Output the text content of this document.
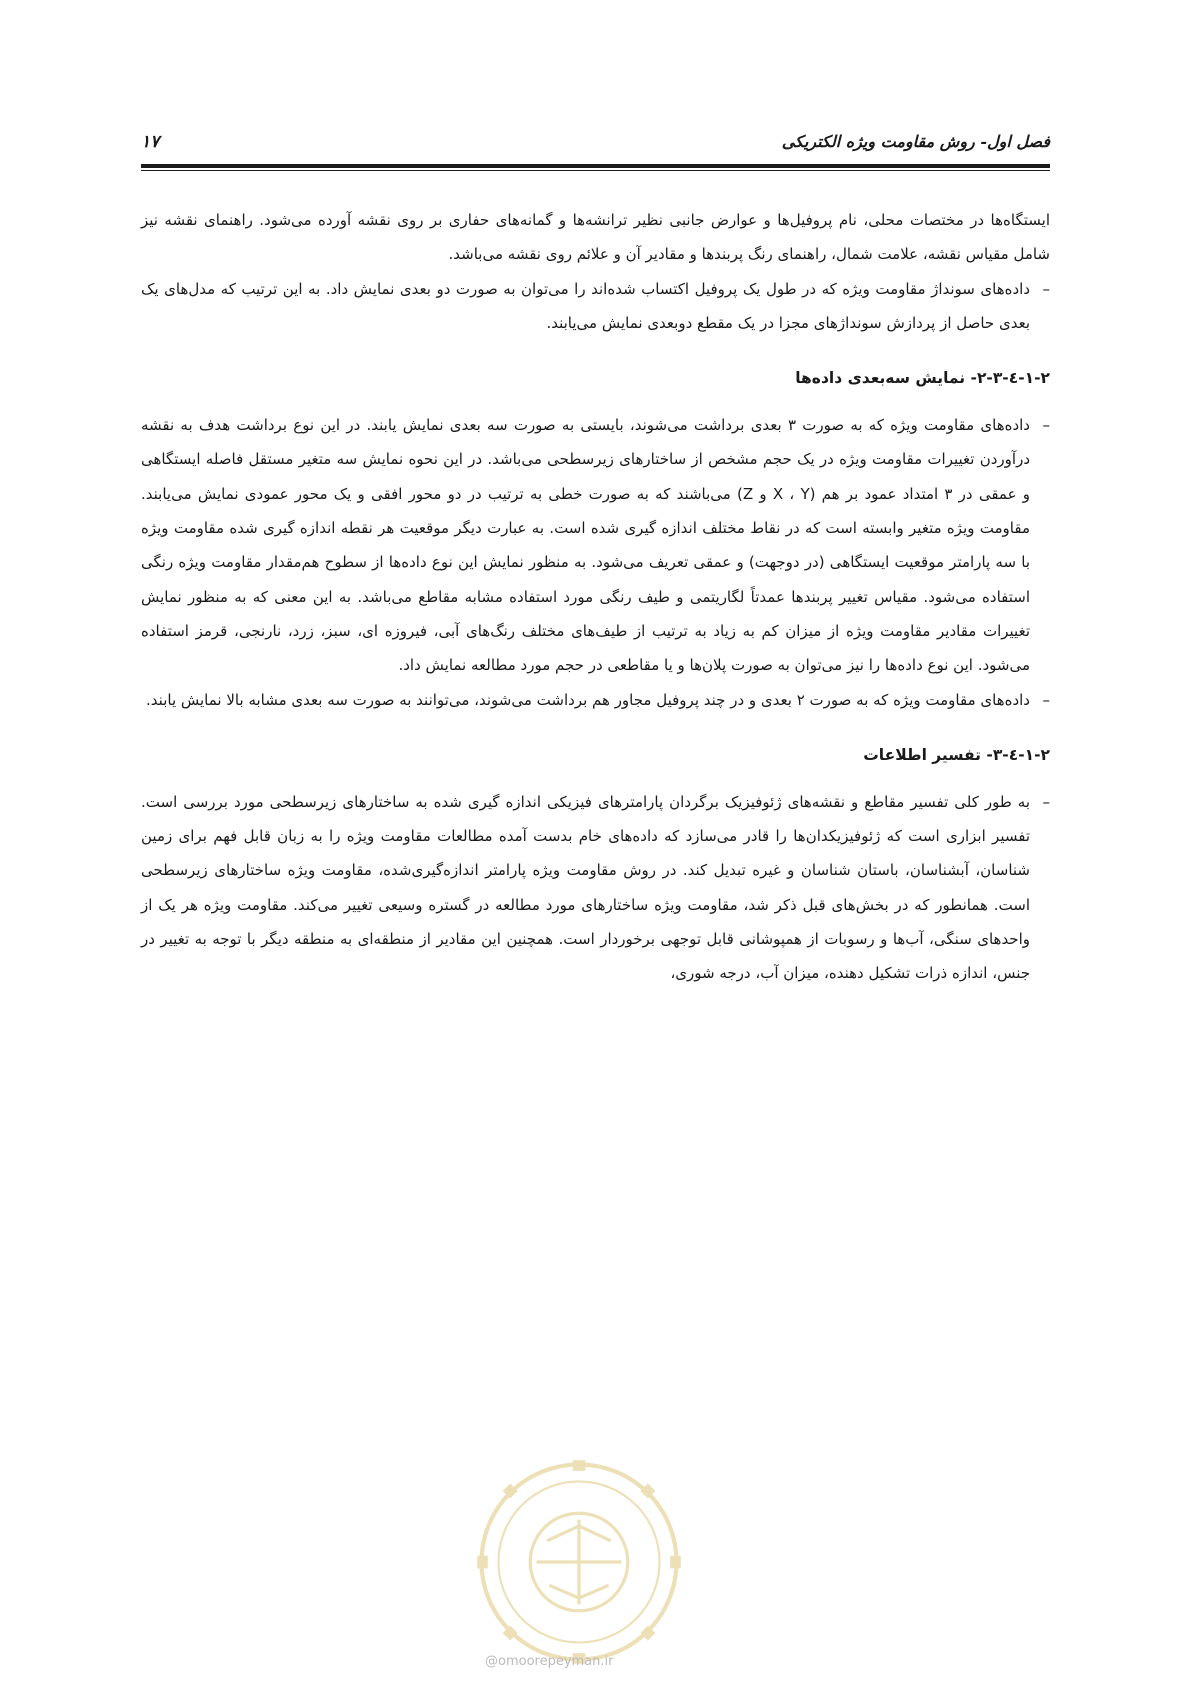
فصل اول- روش مقاومت ویژه الکتریکی
۱۷

ایستگاه‌ها در مختصات محلی، نام پروفیل‌ها و عوارض جانبی نظیر ترانشه‌ها و گمانه‌های حفاری بر روی نقشه آورده می‌شود. راهنمای نقشه نیز شامل مقیاس نقشه، علامت شمال، راهنمای رنگ پربندها و مقادیر آن و علائم روی نقشه می‌باشد.

–
داده‌های سونداژ مقاومت ویژه که در طول یک پروفیل اکتساب شده‌اند را می‌توان به صورت دو بعدی نمایش داد. به این ترتیب که مدل‌های یک بعدی حاصل از پردازش سونداژهای مجزا در یک مقطع دوبعدی نمایش می‌یابند.
۱-۲-٤-۲-۳- نمایش سه‌بعدی داده‌ها
–
داده‌های مقاومت ویژه که به صورت ۳ بعدی برداشت می‌شوند، بایستی به صورت سه بعدی نمایش یابند. در این نوع برداشت هدف به نقشه درآوردن تغییرات مقاومت ویژه در یک حجم مشخص از ساختارهای زیرسطحی می‌باشد. در این نحوه نمایش سه متغیر مستقل فاصله ایستگاهی و عمقی در ۳ امتداد عمود بر هم (X ، Y و Z) می‌باشند که به صورت خطی به ترتیب در دو محور افقی و یک محور عمودی نمایش می‌یابند. مقاومت ویژه متغیر وابسته است که در نقاط مختلف اندازه گیری شده است. به عبارت دیگر موقعیت هر نقطه اندازه گیری شده مقاومت ویژه با سه پارامتر موقعیت ایستگاهی (در دوجهت) و عمقی تعریف می‌شود. به منظور نمایش این نوع داده‌ها از سطوح هم‌مقدار مقاومت ویژه رنگی استفاده می‌شود. مقیاس تغییر پربندها عمدتاً لگاریتمی و طیف رنگی مورد استفاده مشابه مقاطع می‌باشد. به این معنی که به منظور نمایش تغییرات مقادیر مقاومت ویژه از میزان کم به زیاد به ترتیب از طیف‌های مختلف رنگ‌های آبی، فیروزه ای، سبز، زرد، نارنجی، قرمز استفاده می‌شود. این نوع داده‌ها را نیز می‌توان به صورت پلان‌ها و یا مقاطعی در حجم مورد مطالعه نمایش داد.
–
داده‌های مقاومت ویژه که به صورت ۲ بعدی و در چند پروفیل مجاور هم برداشت می‌شوند، می‌توانند به صورت سه بعدی مشابه بالا نمایش یابند.
۱-۲-٤-۳- تفسیر اطلاعات
–
به طور کلی تفسیر مقاطع و نقشه‌های ژئوفیزیک برگردان پارامترهای فیزیکی اندازه گیری شده به ساختارهای زیرسطحی مورد بررسی است. تفسیر ابزاری است که ژئوفیزیکدان‌ها را قادر می‌سازد که داده‌های خام بدست آمده مطالعات مقاومت ویژه را به زبان قابل فهم برای زمین شناسان، آبشناسان، باستان شناسان و غیره تبدیل کند. در روش مقاومت ویژه پارامتر اندازه‌گیری‌شده، مقاومت ویژه ساختارهای زیرسطحی است. همانطور که در بخش‌های قبل ذکر شد، مقاومت ویژه ساختارهای مورد مطالعه در گستره وسیعی تغییر می‌کند. مقاومت ویژه هر یک از واحدهای سنگی، آب‌ها و رسوبات از همپوشانی قابل توجهی برخوردار است. همچنین این مقادیر از منطقه‌ای به منطقه دیگر با توجه به تغییر در جنس، اندازه ذرات تشکیل دهنده، میزان آب، درجه شوری،
@omoorepeyman.ir
